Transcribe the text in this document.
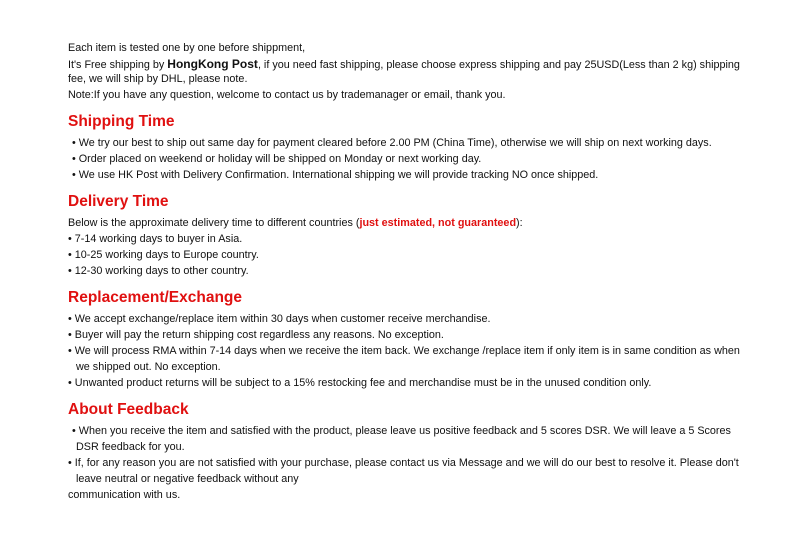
Each item is tested one by one before shippment,
It's Free shipping by HongKong Post, if you need fast shipping, please choose express shipping and pay 25USD(Less than 2 kg) shipping
fee, we will ship by DHL, please note.
Note:If you have any question, welcome to contact us by trademanager or email, thank you.
Shipping Time
• We try our best to ship out same day for payment cleared before 2.00 PM (China Time), otherwise we will ship on next working days.
• Order placed on weekend or holiday will be shipped on Monday or next working day.
• We use HK Post with Delivery Confirmation. International shipping we will provide tracking NO once shipped.
Delivery Time
Below is the approximate delivery time to different countries (just estimated, not guaranteed):
• 7-14 working days to buyer in Asia.
• 10-25 working days to Europe country.
• 12-30 working days to other country.
Replacement/Exchange
• We accept exchange/replace item within 30 days when customer receive merchandise.
• Buyer will pay the return shipping cost regardless any reasons. No exception.
• We will process RMA within 7-14 days when we receive the item back. We exchange /replace item if only item is in same condition as when
we shipped out. No exception.
• Unwanted product returns will be subject to a 15% restocking fee and merchandise must be in the unused condition only.
About Feedback
• When you receive the item and satisfied with the product, please leave us positive feedback and 5 scores DSR. We will leave a 5 Scores
DSR feedback for you.
• If, for any reason you are not satisfied with your purchase, please contact us via Message and we will do our best to resolve it. Please don't
leave neutral or negative feedback without any
communication with us.
